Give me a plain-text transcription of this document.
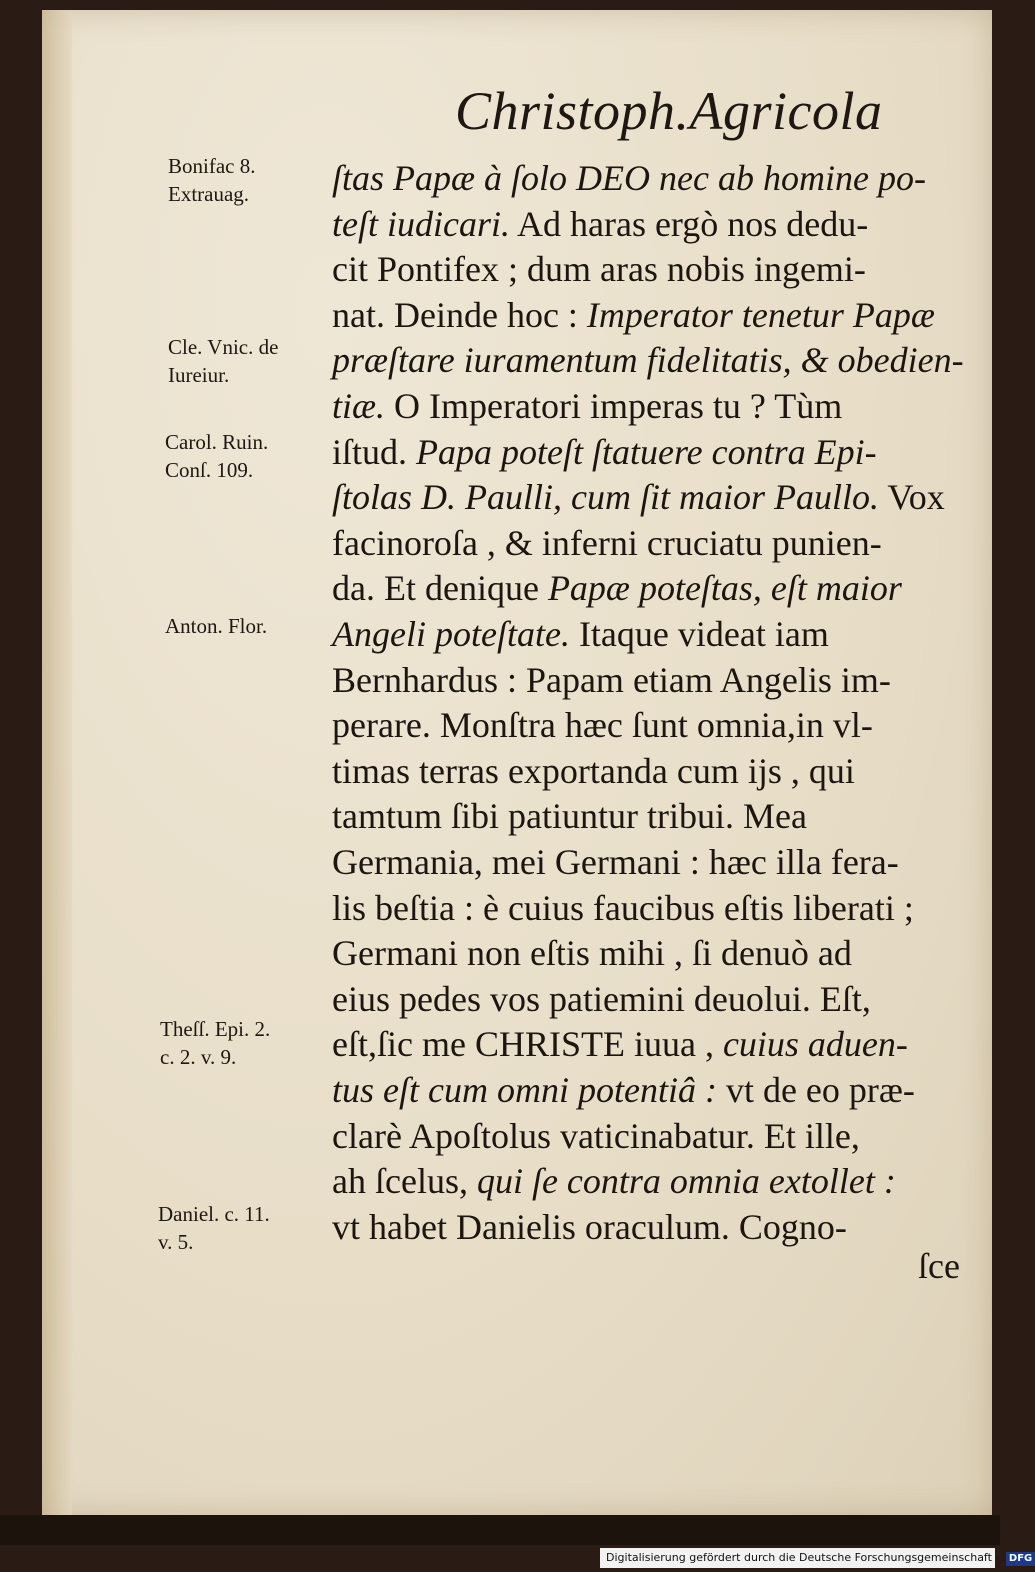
Christoph.Agricola
Bonifac 8.
Extrauag.
Cle. Vnic. de
Iureiur.
Carol. Ruin.
Conſ. 109.
Anton. Flor.
Theſſ. Epi. 2.
c. 2. v. 9.
Daniel. c. 11.
v. 5.
ſtas Papæ à ſolo DEO nec ab homine po-
teſt iudicari. Ad haras ergò nos dedu-
cit Pontifex ; dum aras nobis ingemi-
nat. Deinde hoc : Imperator tenetur Papæ
præſtare iuramentum fidelitatis, & obedien-
tiæ. O Imperatori imperas tu ? Tùm
iſtud. Papa poteſt ſtatuere contra Epi-
ſtolas D. Paulli, cum ſit maior Paullo. Vox
facinoroſa , & inferni cruciatu punien-
da. Et denique Papæ poteſtas, eſt maior
Angeli poteſtate. Itaque videat iam
Bernhardus : Papam etiam Angelis im-
perare. Monſtra hæc ſunt omnia,in vl-
timas terras exportanda cum ijs , qui
tamtum ſibi patiuntur tribui. Mea
Germania, mei Germani : hæc illa fera-
lis beſtia : è cuius faucibus eſtis liberati ;
Germani non eſtis mihi , ſi denuò ad
eius pedes vos patiemini deuolui. Eſt,
eſt,ſic me CHRISTE iuua , cuius aduen-
tus eſt cum omni potentiâ : vt de eo præ-
clarè Apoſtolus vaticinabatur. Et ille,
ah ſcelus, qui ſe contra omnia extollet :
vt habet Danielis oraculum. Cogno-
ſce
Digitalisierung gefördert durch die Deutsche Forschungsgemeinschaft - DFG
